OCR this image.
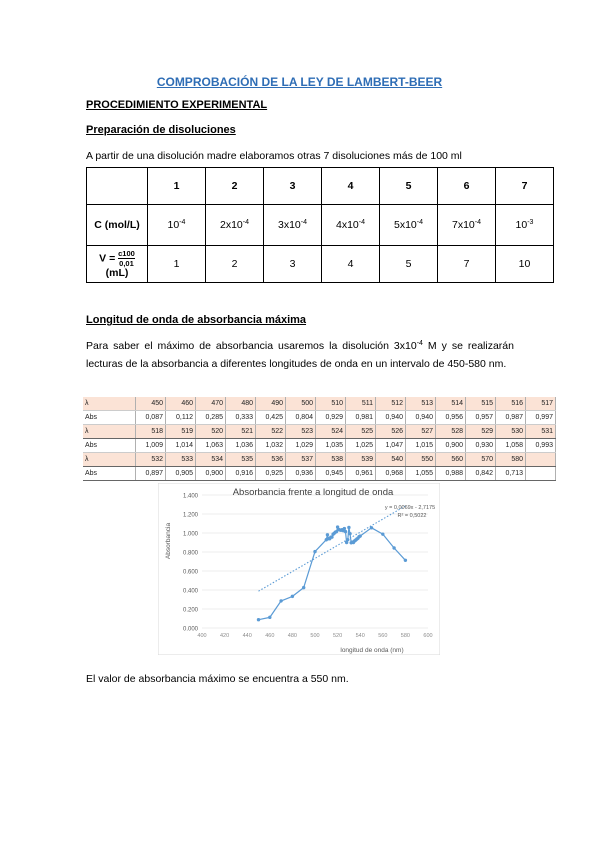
COMPROBACIÓN DE LA LEY DE LAMBERT-BEER
PROCEDIMIENTO EXPERIMENTAL
Preparación de disoluciones
A partir de una disolución madre elaboramos otras 7 disoluciones más de 100 ml
	1	2	3	4	5	6	7
C (mol/L)	$10^{-4}$	$2x10^{-4}$	$3x10^{-4}$	$4x10^{-4}$	$5x10^{-4}$	$7x10^{-4}$	$10^{-3}$
$V = \frac{c100}{0,01}$

(mL)	1	2	3	4	5	7	10
Longitud de onda de absorbancia máxima
Para saber el máximo de absorbancia usaremos la disolución $3x10^{-4}$ M y se realizarán lecturas de la absorbancia a diferentes longitudes de onda en un intervalo de 450-580 nm.
λ	450	460	470	480	490	500	510	511	512	513	514	515	516	517
Abs	0,087	0,112	0,285	0,333	0,425	0,804	0,929	0,981	0,940	0,940	0,956	0,957	0,987	0,997
λ	518	519	520	521	522	523	524	525	526	527	528	529	530	531
Abs	1,009	1,014	1,063	1,036	1,032	1,029	1,035	1,025	1,047	1,015	0,900	0,930	1,058	0,993
λ	532	533	534	535	536	537	538	539	540	550	560	570	580	
Abs	0,897	0,905	0,900	0,916	0,925	0,936	0,945	0,961	0,968	1,055	0,988	0,842	0,713	
0.000
0.200
0.400
0.600
0.800
1.000
1.200
1.400
400 420 440 460 480 500 520 540 560 580 600
Absorbancia frente a longitud de onda
y = 0,0069x - 2,7175
R² = 0,5022
longitud de onda (nm)
Absorbancia
El valor de absorbancia máximo se encuentra a 550 nm.
